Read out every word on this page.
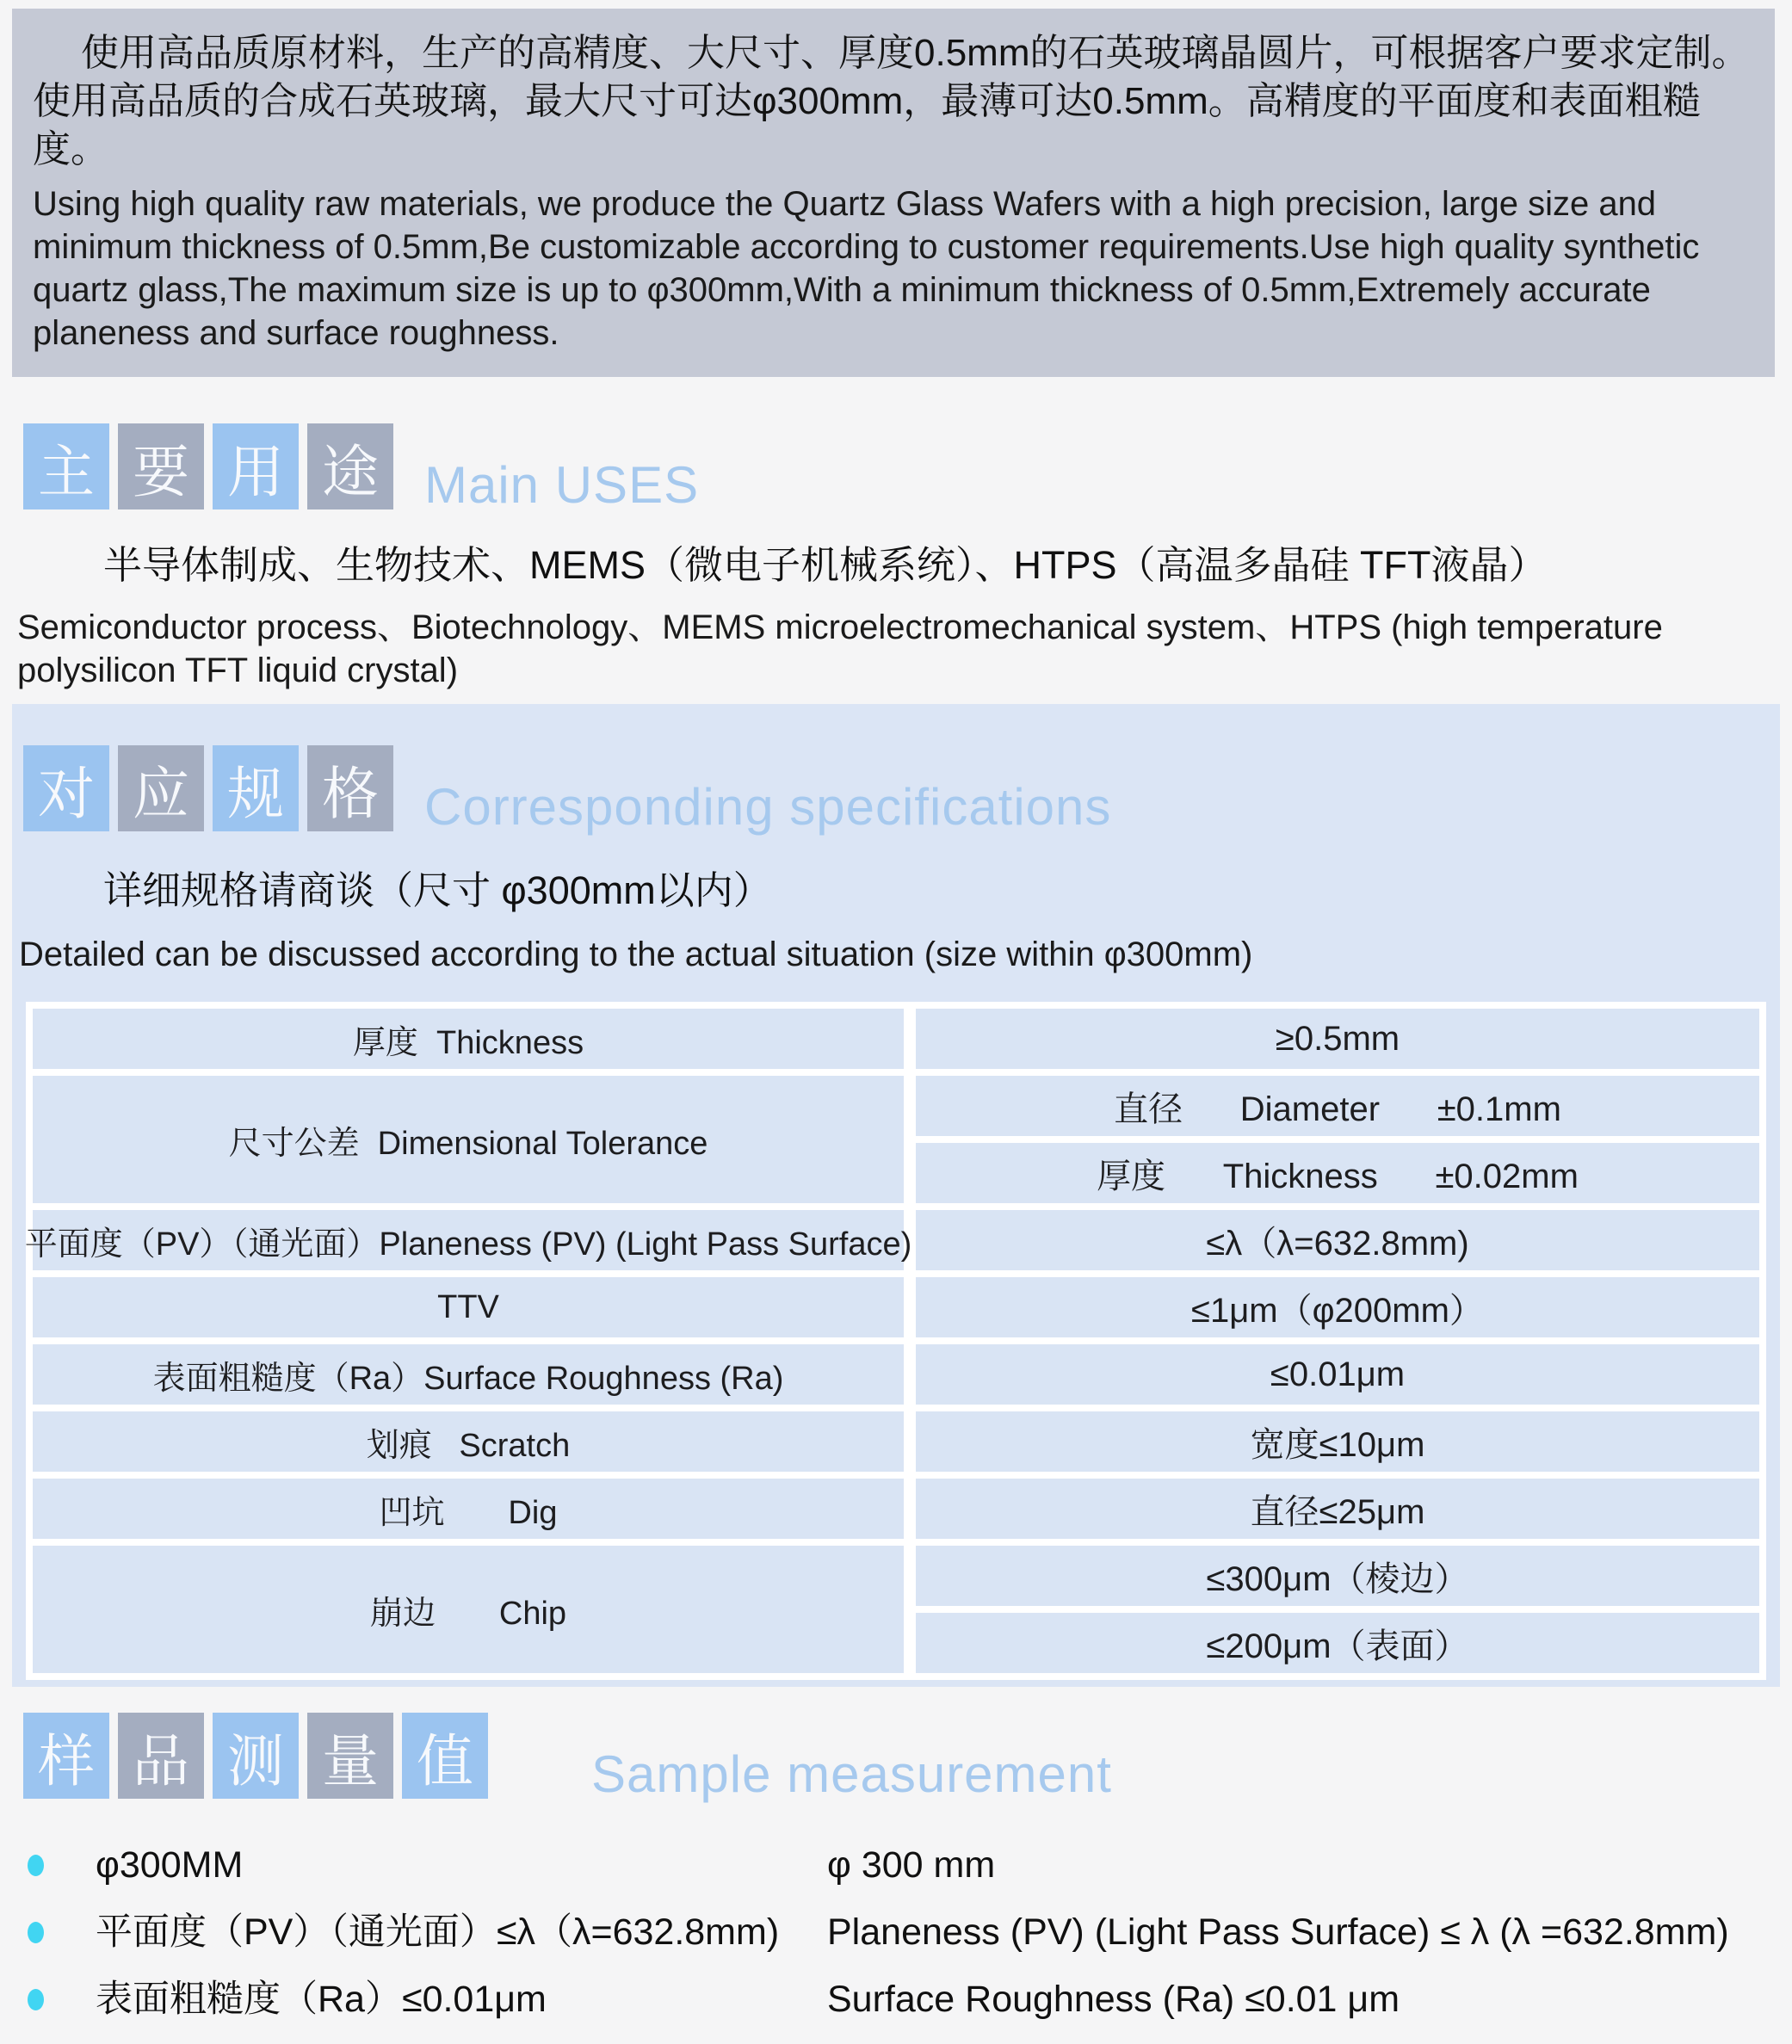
使用高品质原材料，生产的高精度、大尺寸、厚度0.5mm的石英玻璃晶圆片，可根据客户要求定制。使用高品质的合成石英玻璃，最大尺寸可达φ300mm，最薄可达0.5mm。高精度的平面度和表面粗糙度。

Using high quality raw materials, we produce the Quartz Glass Wafers with a high precision, large size and minimum thickness of 0.5mm,Be customizable according to customer requirements.Use high quality synthetic quartz glass,The maximum size is up to φ300mm,With a minimum thickness of 0.5mm,Extremely accurate planeness and surface roughness.

主 要 用 途 Main USES

半导体制成、生物技术、MEMS（微电子机械系统）、HTPS（高温多晶硅 TFT液晶）

Semiconductor process、Biotechnology、MEMS microelectromechanical system、HTPS (high temperature polysilicon TFT liquid crystal)

对 应 规 格 Corresponding specifications

详细规格请商谈（尺寸 φ300mm以内）

Detailed can be discussed according to the actual situation (size within φ300mm)

厚度  Thickness	≥0.5mm
尺寸公差  Dimensional Tolerance
直径      Diameter      ±0.1mm
厚度      Thickness      ±0.02mm
平面度（PV）（通光面）Planeness (PV) (Light Pass Surface)	≤λ（λ=632.8mm)
TTV	≤1μm（φ200mm）
表面粗糙度（Ra）Surface Roughness (Ra)	≤0.01μm
划痕   Scratch	宽度≤10μm
凹坑       Dig	直径≤25μm
崩边       Chip
≤300μm（棱边）
≤200μm（表面）
样 品 测 量 值 Sample measurement
φ300MM	φ 300 mm
平面度（PV）（通光面）≤λ（λ=632.8mm)	Planeness (PV) (Light Pass Surface) ≤ λ (λ =632.8mm)
表面粗糙度（Ra）≤0.01μm	Surface Roughness (Ra) ≤0.01 μm
